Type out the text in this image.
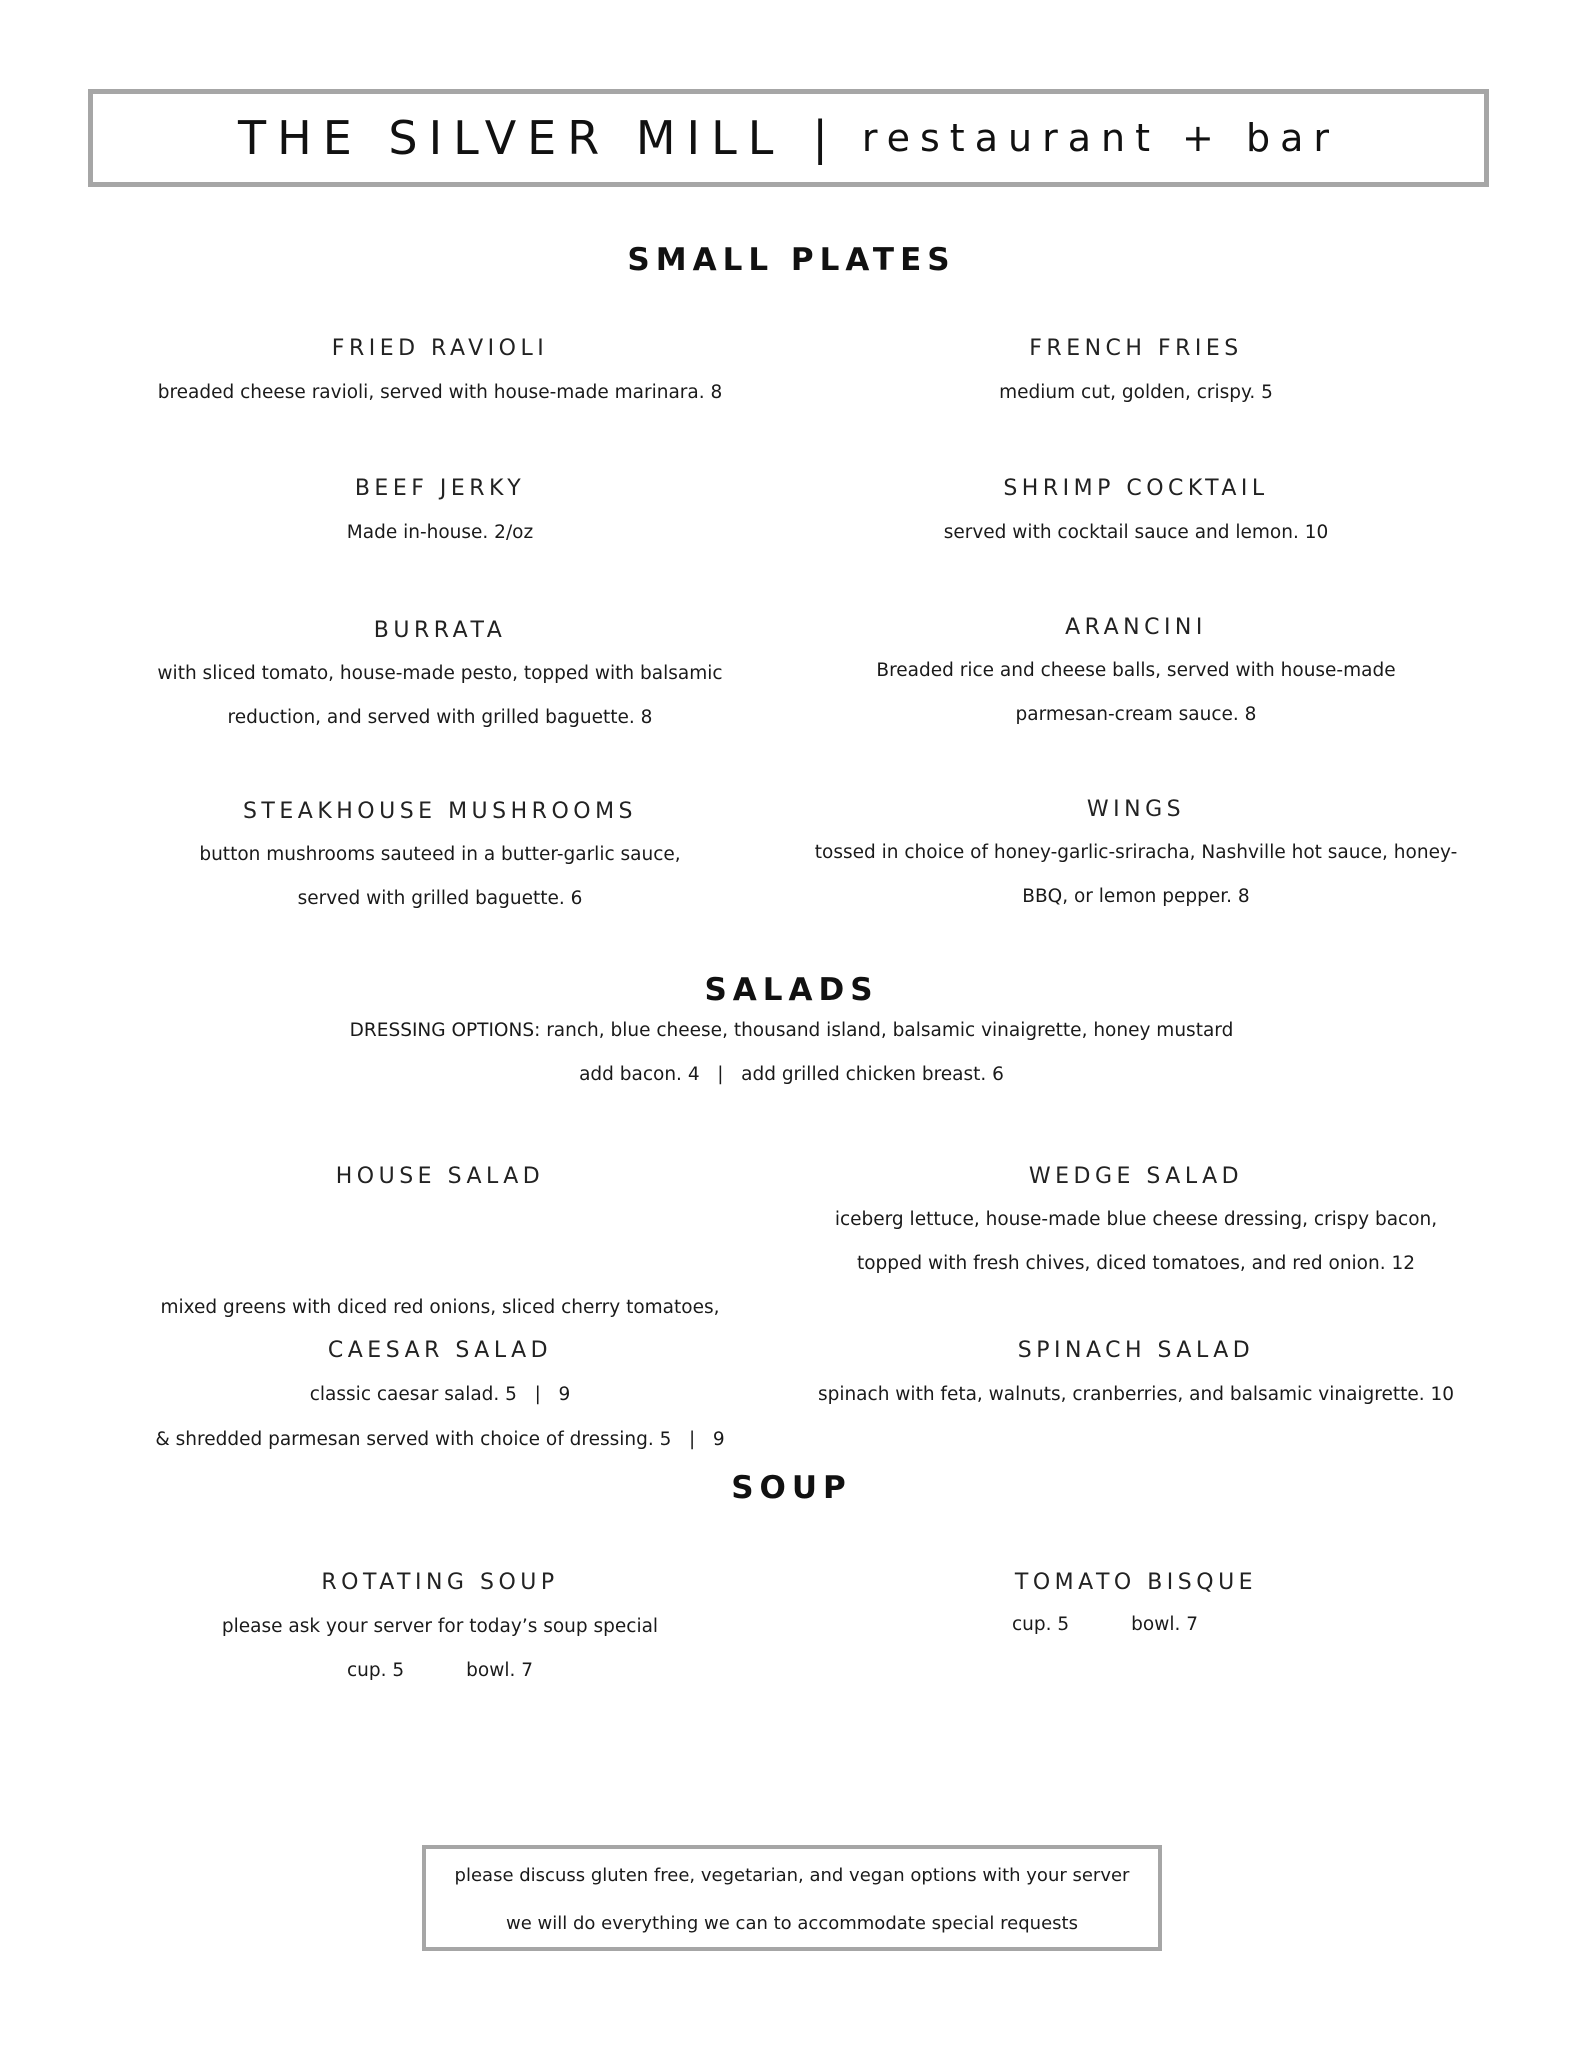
THE SILVER MILL | restaurant + bar
SMALL PLATES
FRIED RAVIOLI
breaded cheese ravioli, served with house-made marinara. 8
BEEF JERKY
Made in-house. 2/oz
BURRATA
with sliced tomato, house-made pesto, topped with balsamic
reduction, and served with grilled baguette. 8
STEAKHOUSE MUSHROOMS
button mushrooms sauteed in a butter-garlic sauce,
served with grilled baguette. 6
FRENCH FRIES
medium cut, golden, crispy. 5
SHRIMP COCKTAIL
served with cocktail sauce and lemon. 10
ARANCINI
Breaded rice and cheese balls, served with house-made
parmesan-cream sauce. 8
WINGS
tossed in choice of honey-garlic-sriracha, Nashville hot sauce, honey-
BBQ, or lemon pepper. 8
SALADS
DRESSING OPTIONS: ranch, blue cheese, thousand island, balsamic vinaigrette, honey mustard
add bacon. 4   |   add grilled chicken breast. 6
HOUSE SALAD

mixed greens with diced red onions, sliced cherry tomatoes,

& shredded parmesan served with choice of dressing. 5   |   9

CAESAR SALAD
classic caesar salad. 5   |   9
WEDGE SALAD
iceberg lettuce, house-made blue cheese dressing, crispy bacon,
topped with fresh chives, diced tomatoes, and red onion. 12
SPINACH SALAD
spinach with feta, walnuts, cranberries, and balsamic vinaigrette. 10
SOUP
ROTATING SOUP
please ask your server for today’s soup special
cup. 5	bowl. 7
TOMATO BISQUE
cup. 5	bowl. 7
please discuss gluten free, vegetarian, and vegan options with your server
we will do everything we can to accommodate special requests
